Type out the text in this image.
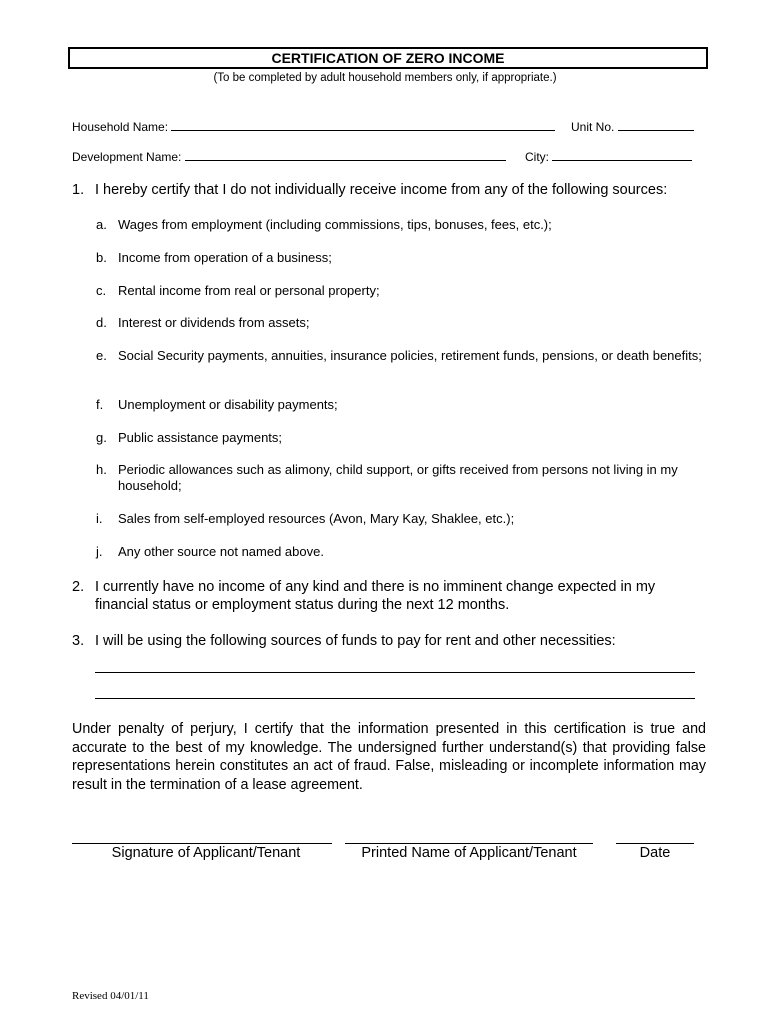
CERTIFICATION OF ZERO INCOME
(To be completed by adult household members only, if appropriate.)
Household Name:	Unit No.
Development Name:	City:
1. I hereby certify that I do not individually receive income from any of the following sources:
a. Wages from employment (including commissions, tips, bonuses, fees, etc.);
b. Income from operation of a business;
c. Rental income from real or personal property;
d. Interest or dividends from assets;
e. Social Security payments, annuities, insurance policies, retirement funds, pensions, or death benefits;
f. Unemployment or disability payments;
g. Public assistance payments;
h. Periodic allowances such as alimony, child support, or gifts received from persons not living in my household;
i. Sales from self-employed resources (Avon, Mary Kay, Shaklee, etc.);
j. Any other source not named above.
2. I currently have no income of any kind and there is no imminent change expected in my financial status or employment status during the next 12 months.
3. I will be using the following sources of funds to pay for rent and other necessities:
Under penalty of perjury, I certify that the information presented in this certification is true and accurate to the best of my knowledge. The undersigned further understand(s) that providing false representations herein constitutes an act of fraud. False, misleading or incomplete information may result in the termination of a lease agreement.
Signature of Applicant/Tenant	Printed Name of Applicant/Tenant	Date
Revised 04/01/11
